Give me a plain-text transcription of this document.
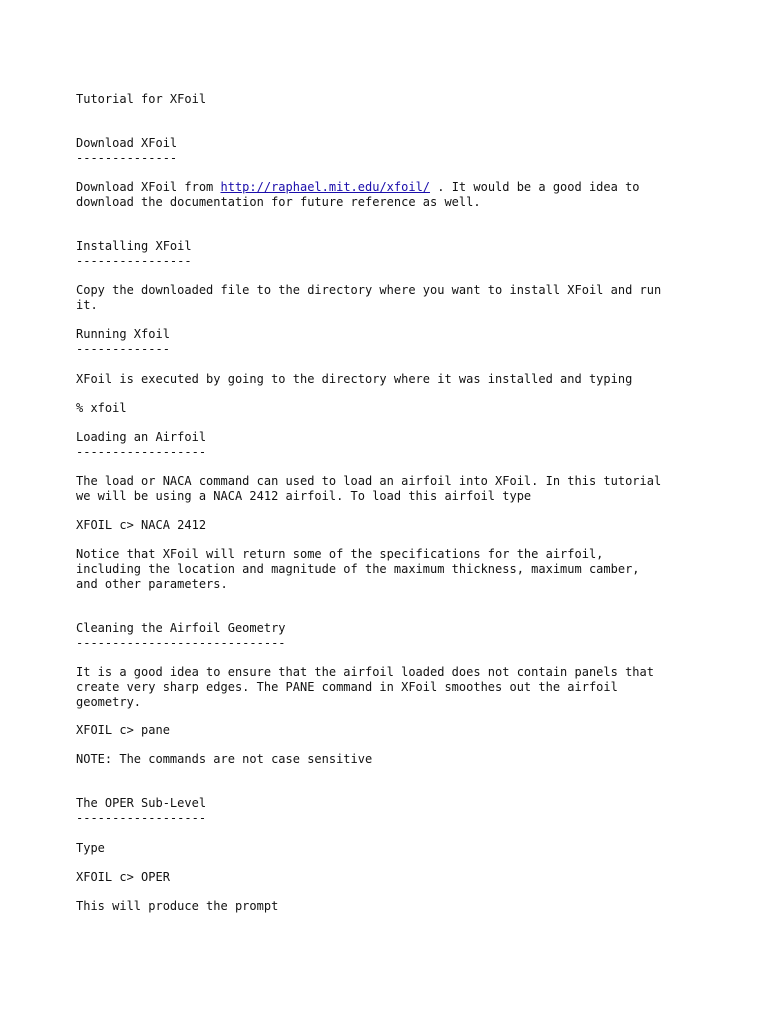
Tutorial for XFoil
Download XFoil
--------------
Download XFoil from http://raphael.mit.edu/xfoil/ . It would be a good idea to
download the documentation for future reference as well.
Installing XFoil
----------------
Copy the downloaded file to the directory where you want to install XFoil and run
it.
Running Xfoil
-------------
XFoil is executed by going to the directory where it was installed and typing
% xfoil
Loading an Airfoil
------------------
The load or NACA command can used to load an airfoil into XFoil. In this tutorial
we will be using a NACA 2412 airfoil. To load this airfoil type
XFOIL c> NACA 2412
Notice that XFoil will return some of the specifications for the airfoil,
including the location and magnitude of the maximum thickness, maximum camber,
and other parameters.
Cleaning the Airfoil Geometry
-----------------------------
It is a good idea to ensure that the airfoil loaded does not contain panels that
create very sharp edges. The PANE command in XFoil smoothes out the airfoil
geometry.
XFOIL c> pane
NOTE: The commands are not case sensitive
The OPER Sub-Level
------------------
Type
XFOIL c> OPER
This will produce the prompt
